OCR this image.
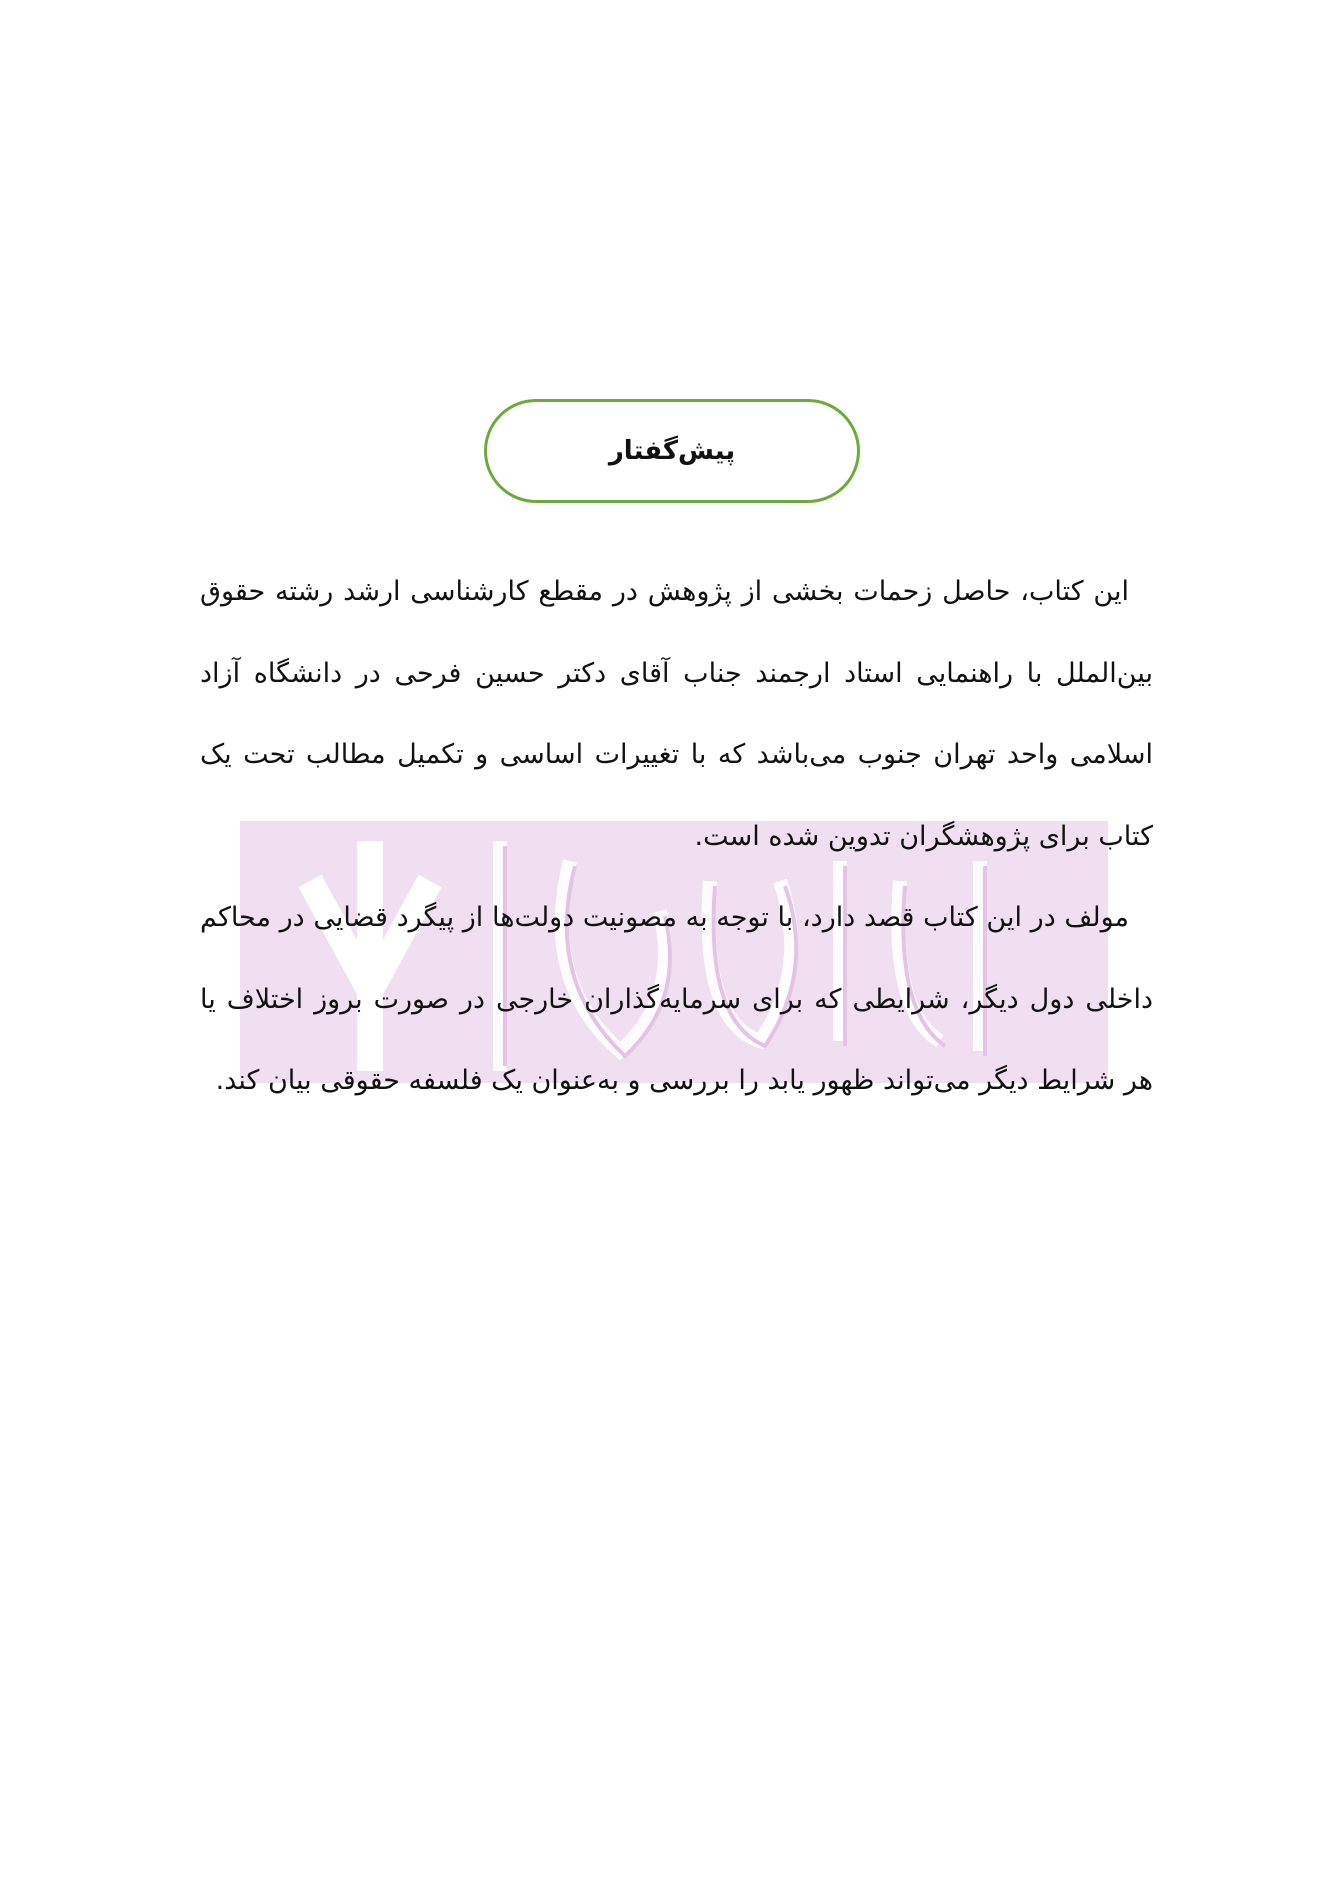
پیش‌گفتار

این کتاب، حاصل زحمات بخشی از پژوهش در مقطع کارشناسی ارشد رشته حقوق بین‌الملل با راهنمایی استاد ارجمند جناب آقای دکتر حسین فرحی در دانشگاه آزاد اسلامی واحد تهران جنوب می‌باشد که با تغییرات اساسی و تکمیل مطالب تحت یک کتاب برای پژوهشگران تدوین شده است.

مولف در این کتاب قصد دارد، با توجه به مصونیت دولت‌ها از پیگرد قضایی در محاکم داخلی دول دیگر، شرایطی که برای سرمایه‌گذاران خارجی در صورت بروز اختلاف یا هر شرایط دیگر می‌تواند ظهور یابد را بررسی و به‌عنوان یک فلسفه حقوقی بیان کند.
